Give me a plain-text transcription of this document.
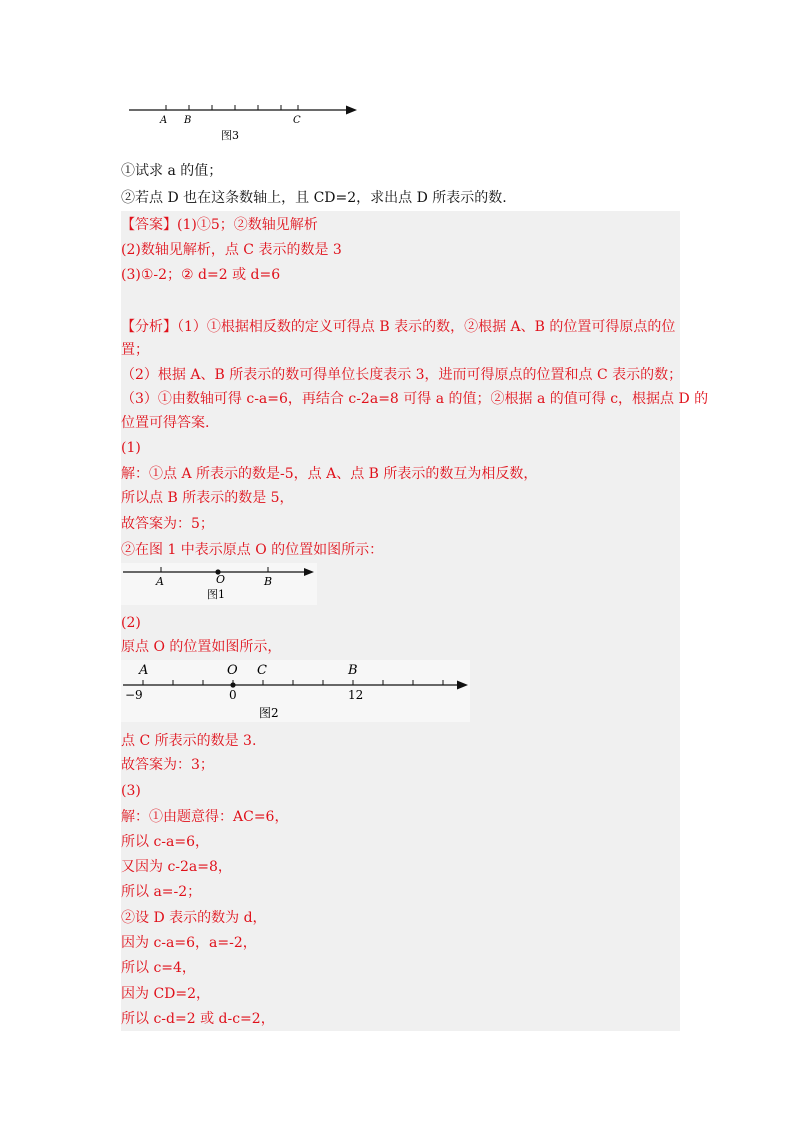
A B	C
图3
①试求 a 的值；
②若点 D 也在这条数轴上，且 CD=2，求出点 D 所表示的数.
【答案】(1)①5；②数轴见解析
(2)数轴见解析，点 C 表示的数是 3
(3)①-2；② d=2 或 d=6
【分析】（1）①根据相反数的定义可得点 B 表示的数，②根据 A、B 的位置可得原点的位
置；
（2）根据 A、B 所表示的数可得单位长度表示 3，进而可得原点的位置和点 C 表示的数；
（3）①由数轴可得 c-a=6，再结合 c-2a=8 可得 a 的值；②根据 a 的值可得 c，根据点 D 的
位置可得答案.
(1)
解：①点 A 所表示的数是-5，点 A、点 B 所表示的数互为相反数，
所以点 B 所表示的数是 5，
故答案为：5；
②在图 1 中表示原点 O 的位置如图所示：
A	O	B
图1
(2)
原点 O 的位置如图所示，
A	O C	B
−9	0	12
图2
点 C 所表示的数是 3.
故答案为：3；
(3)
解：①由题意得：AC=6，
所以 c-a=6，
又因为 c-2a=8，
所以 a=-2；
②设 D 表示的数为 d，
因为 c-a=6，a=-2，
所以 c=4，
因为 CD=2，
所以 c-d=2 或 d-c=2，
